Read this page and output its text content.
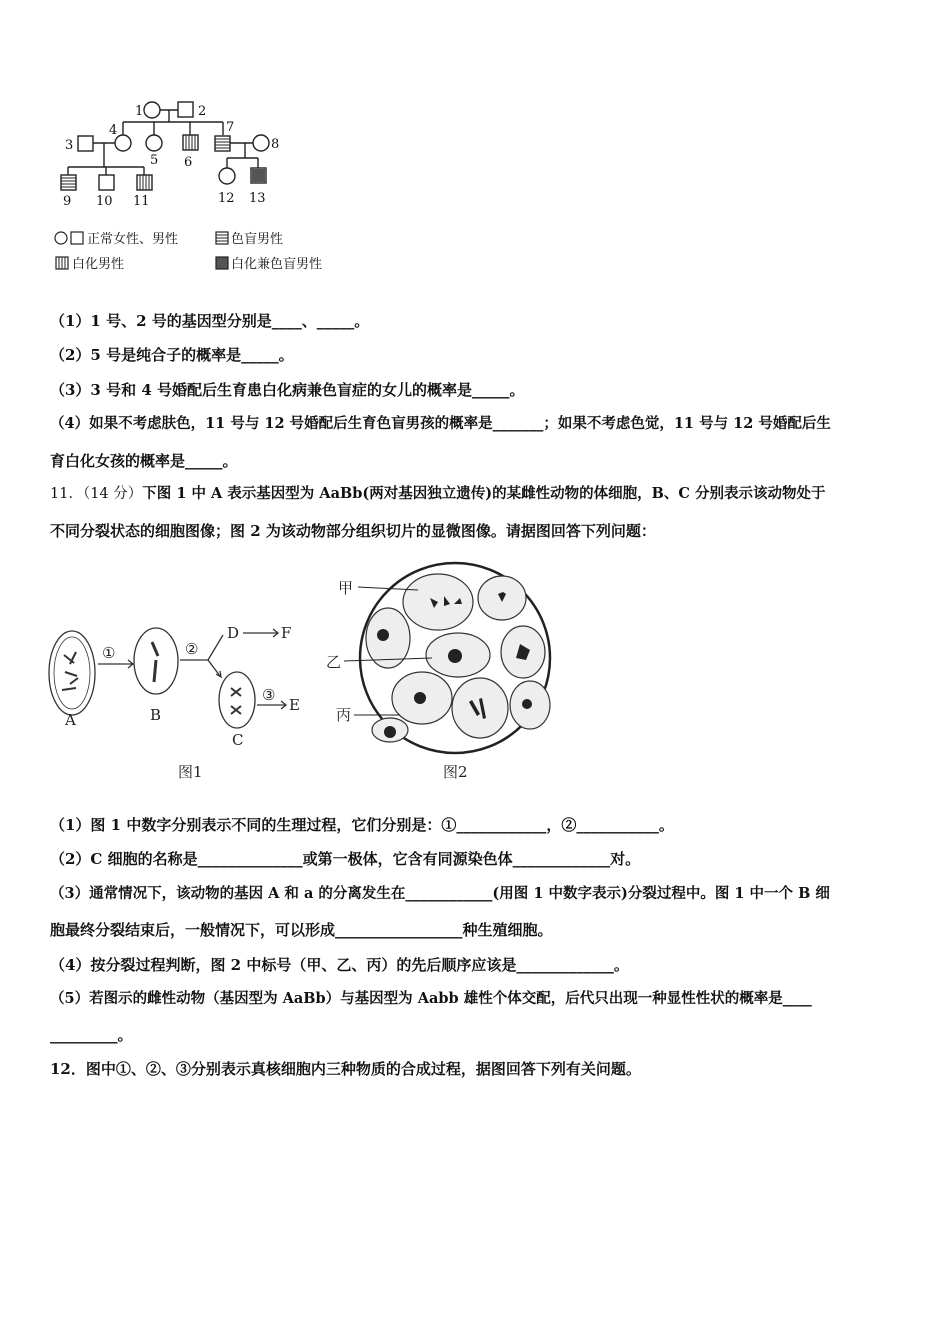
1	2
3
4
5 6
7
8
9 10 11	12 13
正常女性、男性	色盲男性
白化男性	白化兼色盲男性
（1）1 号、2 号的基因型分别是____、_____。
（2）5 号是纯合子的概率是_____。
（3）3 号和 4 号婚配后生育患白化病兼色盲症的女儿的概率是_____。
（4）如果不考虑肤色，11 号与 12 号婚配后生育色盲男孩的概率是_______；如果不考虑色觉，11 号与 12 号婚配后生
育白化女孩的概率是_____。
11．（14 分）下图 1 中 A 表示基因型为 AaBb(两对基因独立遗传)的某雌性动物的体细胞，B、C 分别表示该动物处于
不同分裂状态的细胞图像；图 2 为该动物部分组织切片的显微图像。请据图回答下列问题：
①	②
③
A	B
C
D	F
E
图1	图2
甲
乙
丙
（1）图 1 中数字分别表示不同的生理过程，它们分别是：①____________，②___________。
（2）C 细胞的名称是______________或第一极体，它含有同源染色体_____________对。
（3）通常情况下，该动物的基因 A 和 a 的分离发生在____________(用图 1 中数字表示)分裂过程中。图 1 中一个 B 细
胞最终分裂结束后，一般情况下，可以形成_________________种生殖细胞。
（4）按分裂过程判断，图 2 中标号（甲、乙、丙）的先后顺序应该是_____________。
（5）若图示的雌性动物（基因型为 AaBb）与基因型为 Aabb 雄性个体交配，后代只出现一种显性性状的概率是____
_________。
12．图中①、②、③分别表示真核细胞内三种物质的合成过程，据图回答下列有关问题。
